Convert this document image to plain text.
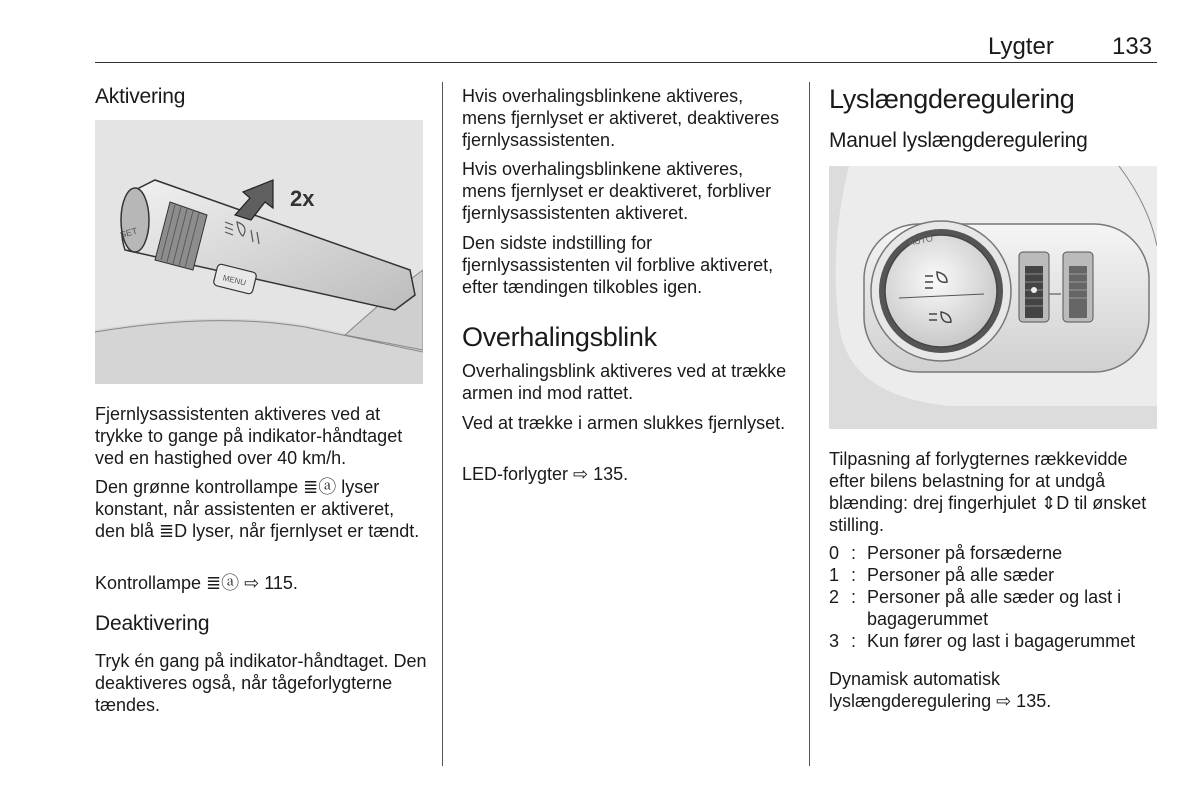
Lygter 133
Aktivering
SET
MENU
2x

Fjernlysassistenten aktiveres ved at trykke to gange på indikator-håndtaget ved en hastighed over 40 km/h.

Den grønne kontrollampe ≣ⓐ lyser konstant, når assistenten er aktiveret, den blå ≣D lyser, når fjernlyset er tændt.

Kontrollampe ≣ⓐ ⇨ 115.

Deaktivering

Tryk én gang på indikator-håndtaget. Den deaktiveres også, når tågeforlygterne tændes.

Hvis overhalingsblinkene aktiveres, mens fjernlyset er aktiveret, deaktiveres fjernlysassistenten.

Hvis overhalingsblinkene aktiveres, mens fjernlyset er deaktiveret, forbliver fjernlysassistenten aktiveret.

Den sidste indstilling for fjernlysassistenten vil forblive aktiveret, efter tændingen tilkobles igen.

Overhalingsblink

Overhalingsblink aktiveres ved at trække armen ind mod rattet.

Ved at trække i armen slukkes fjernlyset.

LED-forlygter ⇨ 135.

Lyslængderegulering
Manuel lyslængderegulering
AUTO

Tilpasning af forlygternes rækkevidde efter bilens belastning for at undgå blænding: drej fingerhjulet ⇕D til ønsket stilling.

0 : Personer på forsæderne
1 : Personer på alle sæder
2 : Personer på alle sæder og last i bagagerummet
3 : Kun fører og last i bagagerummet

Dynamisk automatisk lyslængderegulering ⇨ 135.
